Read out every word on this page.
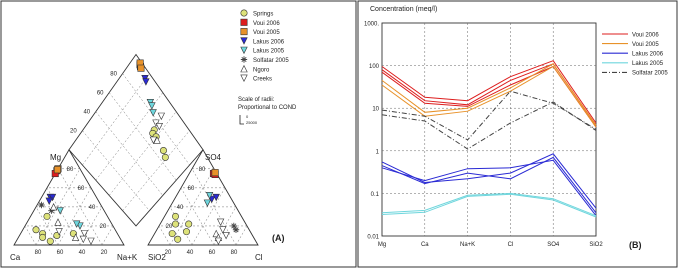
Mg
Ca	Na+K SiO2	Cl
SO4
(A)
(B)
Scale of radii:
Proportional to COND
0
25000
Concentration (meq/l)
80	60	40	20	20	40	60	80
80
60
40
20
80
60
40
20
80
60
40
20
Springs
Voui 2006
Voui 2005
Lakus 2006
Lakus 2005
Solfatar 2005
Ngoro
Creeks
1000.
100
10
1
0.1
0.01
Mg	Ca	Na+K	Cl	SO4	SiO2
Voui 2006
Voui 2005
Lakus 2006
Lakus 2005
Solfatar 2005
